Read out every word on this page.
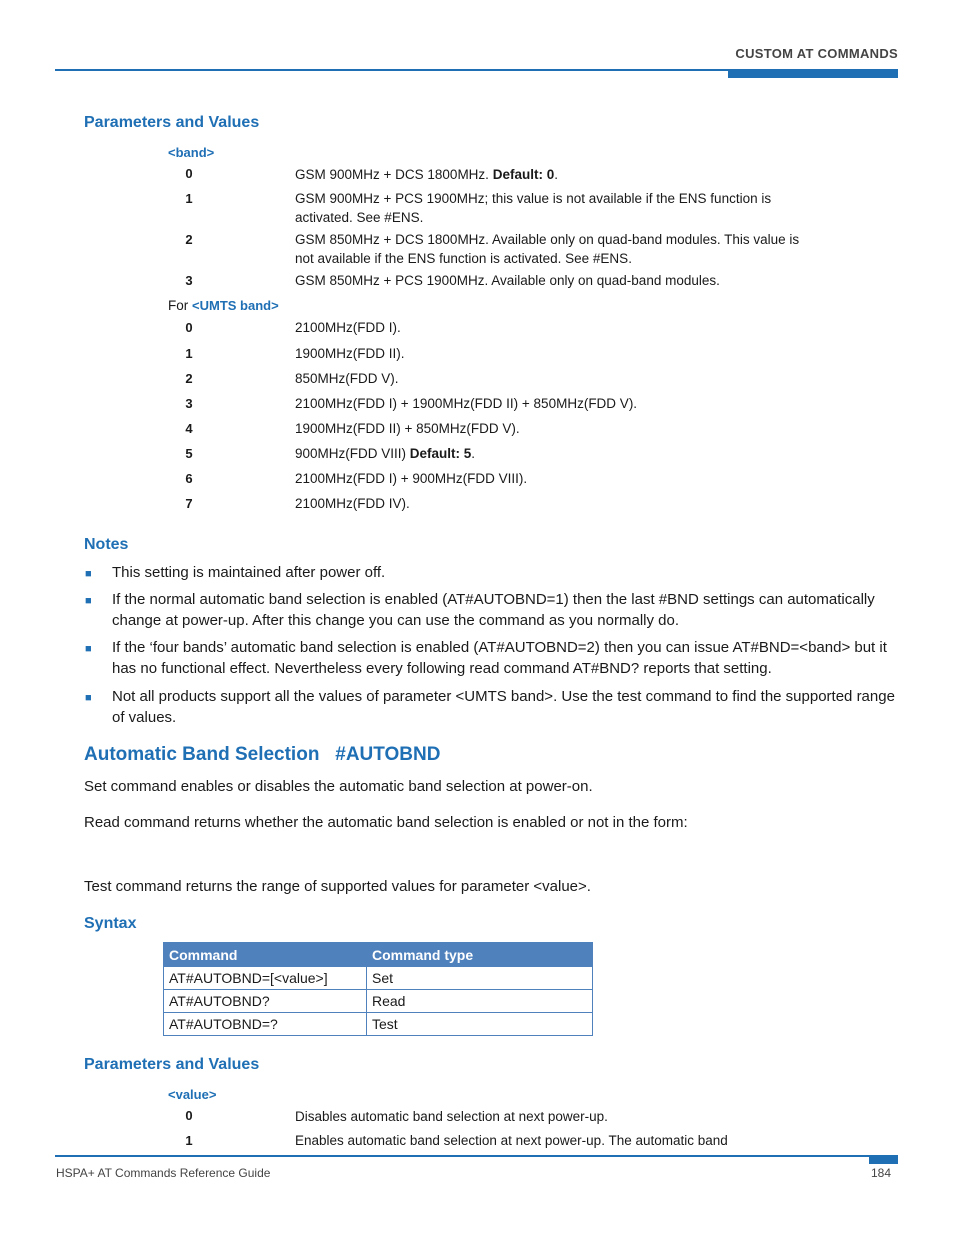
CUSTOM AT COMMANDS
Parameters and Values
<band>
0	GSM 900MHz + DCS 1800MHz. Default: 0.
1	GSM 900MHz + PCS 1900MHz; this value is not available if the ENS function is activated. See #ENS.
2	GSM 850MHz + DCS 1800MHz. Available only on quad-band modules. This value is not available if the ENS function is activated. See #ENS.
3	GSM 850MHz + PCS 1900MHz. Available only on quad-band modules.
For <UMTS band>
0	2100MHz(FDD I).
1	1900MHz(FDD II).
2	850MHz(FDD V).
3	2100MHz(FDD I) + 1900MHz(FDD II) + 850MHz(FDD V).
4	1900MHz(FDD II) + 850MHz(FDD V).
5	900MHz(FDD VIII) Default: 5.
6	2100MHz(FDD I) + 900MHz(FDD VIII).
7	2100MHz(FDD IV).
Notes
■ This setting is maintained after power off.
■ If the normal automatic band selection is enabled (AT#AUTOBND=1) then the last #BND settings can automatically change at power-up. After this change you can use the command as you normally do.
■ If the ‘four bands’ automatic band selection is enabled (AT#AUTOBND=2) then you can issue AT#BND=<band> but it has no functional effect. Nevertheless every following read command AT#BND? reports that setting.
■ Not all products support all the values of parameter <UMTS band>. Use the test command to find the supported range of values.
Automatic Band Selection   #AUTOBND
Set command enables or disables the automatic band selection at power-on.
Read command returns whether the automatic band selection is enabled or not in the form:
Test command returns the range of supported values for parameter <value>.
Syntax
Command	Command type
AT#AUTOBND=[<value>]	Set
AT#AUTOBND?	Read
AT#AUTOBND=?	Test
Parameters and Values
<value>
0	Disables automatic band selection at next power-up.
1	Enables automatic band selection at next power-up. The automatic band
HSPA+ AT Commands Reference Guide	184
